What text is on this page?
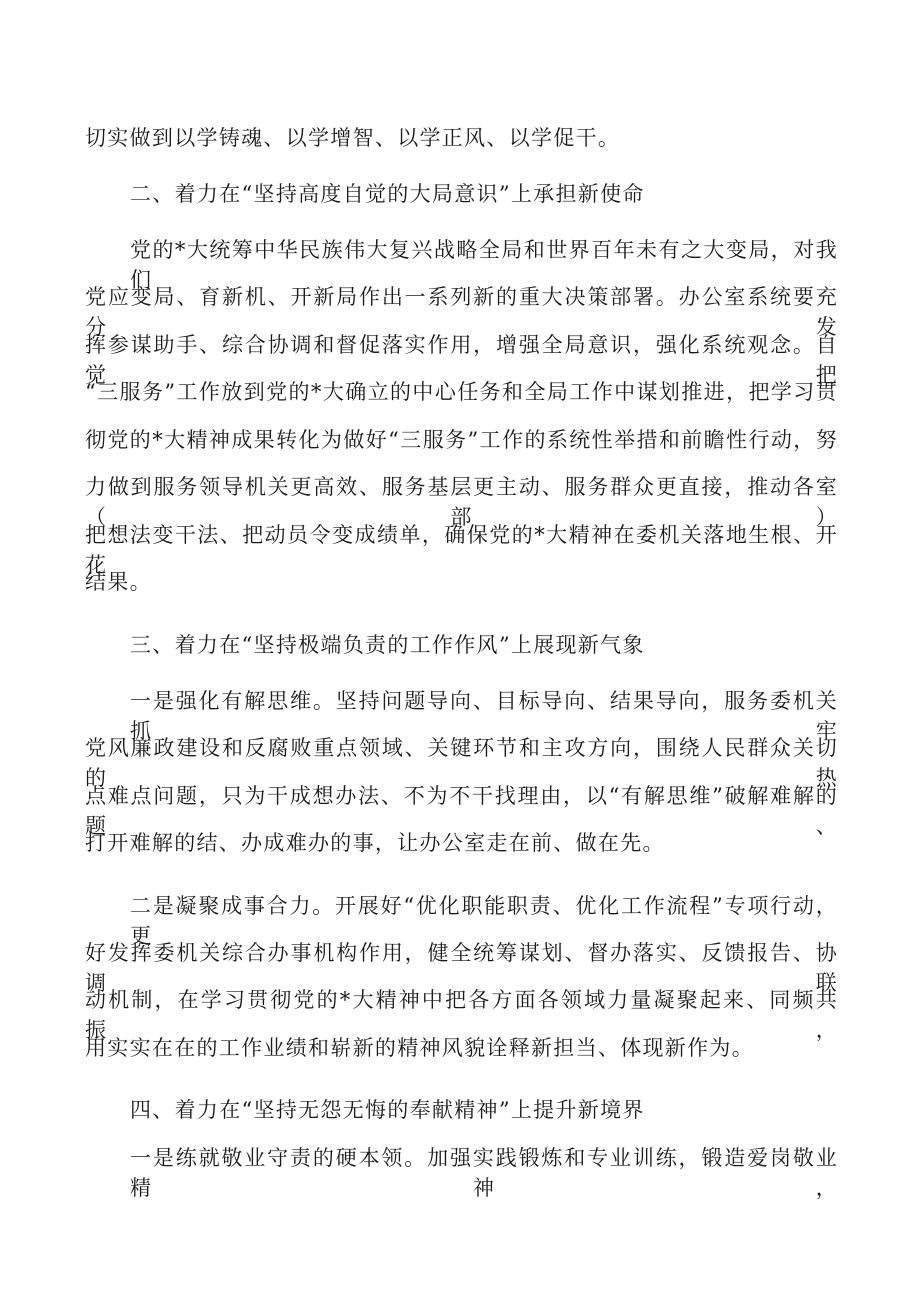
切实做到以学铸魂、以学增智、以学正风、以学促干。
二、着力在“坚持高度自觉的大局意识”上承担新使命
党的*大统筹中华民族伟大复兴战略全局和世界百年未有之大变局，对我们
党应变局、育新机、开新局作出一系列新的重大决策部署。办公室系统要充分发
挥参谋助手、综合协调和督促落实作用，增强全局意识，强化系统观念。自觉把
“三服务”工作放到党的*大确立的中心任务和全局工作中谋划推进，把学习贯
彻党的*大精神成果转化为做好“三服务”工作的系统性举措和前瞻性行动，努
力做到服务领导机关更高效、服务基层更主动、服务群众更直接，推动各室（部）
把想法变干法、把动员令变成绩单，确保党的*大精神在委机关落地生根、开花
结果。
三、着力在“坚持极端负责的工作作风”上展现新气象
一是强化有解思维。坚持问题导向、目标导向、结果导向，服务委机关抓牢
党风廉政建设和反腐败重点领域、关键环节和主攻方向，围绕人民群众关切的热
点难点问题，只为干成想办法、不为不干找理由，以“有解思维”破解难解的题、
打开难解的结、办成难办的事，让办公室走在前、做在先。
二是凝聚成事合力。开展好“优化职能职责、优化工作流程”专项行动，更
好发挥委机关综合办事机构作用，健全统筹谋划、督办落实、反馈报告、协调联
动机制，在学习贯彻党的*大精神中把各方面各领域力量凝聚起来、同频共振，
用实实在在的工作业绩和崭新的精神风貌诠释新担当、体现新作为。
四、着力在“坚持无怨无悔的奉献精神”上提升新境界
一是练就敬业守责的硬本领。加强实践锻炼和专业训练，锻造爱岗敬业精神，
